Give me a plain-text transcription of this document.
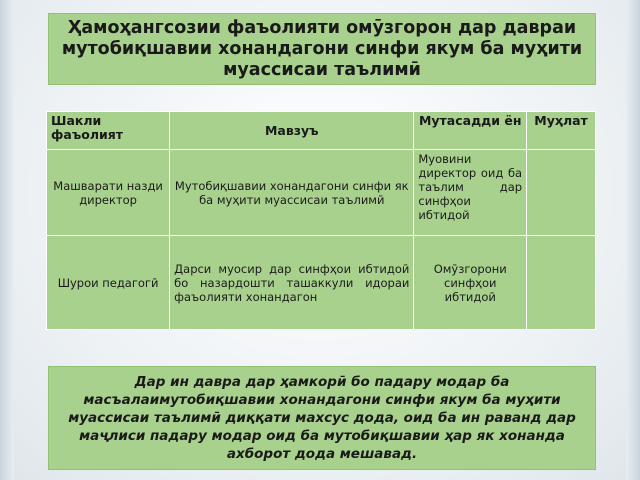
Ҳамоҳангсозии фаъолияти омӯзгорон дар давраи мутобиқшавии хонандагони синфи якум ба муҳити муассисаи таълимӣ
Шакли фаъолият	Мавзуъ	Мутасадди ён	Муҳлат
Машварати назди директор	Мутобиқшавии хонандагони синфи як ба муҳити муассисаи таълимӣ	Муовини директор оид ба таълим дар синфҳои ибтидой	
Шурои педагогӣ	Дарси муосир дар синфҳои ибтидоӣ бо назардошти ташаккули идораи фаъолияти хонандагон	Омӯзгорони синфҳои ибтидоӣ	
Дар ин давра дар ҳамкорӣ бо падару модар ба масъалаимутобиқшавии хонандагони синфи якум ба муҳити муассисаи таълимӣ диққати махсус дода, оид ба ин раванд дар маҷлиси падару модар оид ба мутобиқшавии ҳар як хонанда ахборот дода мешавад.
